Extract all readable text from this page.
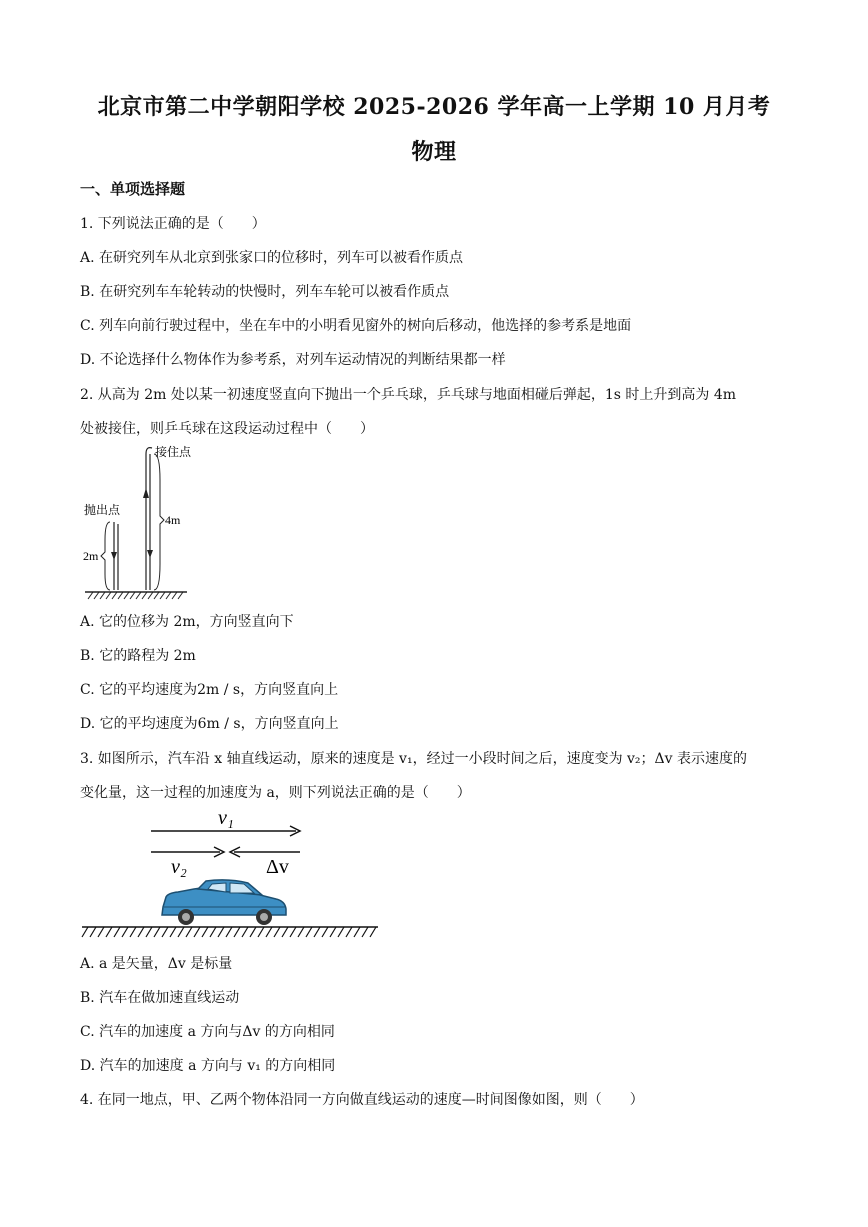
北京市第二中学朝阳学校 2025-2026 学年高一上学期 10 月月考
物理
一、单项选择题
1. 下列说法正确的是（　　）
A. 在研究列车从北京到张家口的位移时，列车可以被看作质点
B. 在研究列车车轮转动的快慢时，列车车轮可以被看作质点
C. 列车向前行驶过程中，坐在车中的小明看见窗外的树向后移动，他选择的参考系是地面
D. 不论选择什么物体作为参考系，对列车运动情况的判断结果都一样
2. 从高为 2m 处以某一初速度竖直向下抛出一个乒乓球，乒乓球与地面相碰后弹起，1s 时上升到高为 4m
处被接住，则乒乓球在这段运动过程中（　　）
接住点
抛出点
4m
2m
A. 它的位移为 2m，方向竖直向下
B. 它的路程为 2m
C. 它的平均速度为2m / s，方向竖直向上
D. 它的平均速度为6m / s，方向竖直向上
3. 如图所示，汽车沿 x 轴直线运动，原来的速度是 v₁，经过一小段时间之后，速度变为 v₂；Δv 表示速度的
变化量，这一过程的加速度为 a，则下列说法正确的是（　　）
v₁
v₂	Δv
A. a 是矢量，Δv 是标量
B. 汽车在做加速直线运动
C. 汽车的加速度 a 方向与Δv 的方向相同
D. 汽车的加速度 a 方向与 v₁ 的方向相同
4. 在同一地点，甲、乙两个物体沿同一方向做直线运动的速度—时间图像如图，则（　　）
